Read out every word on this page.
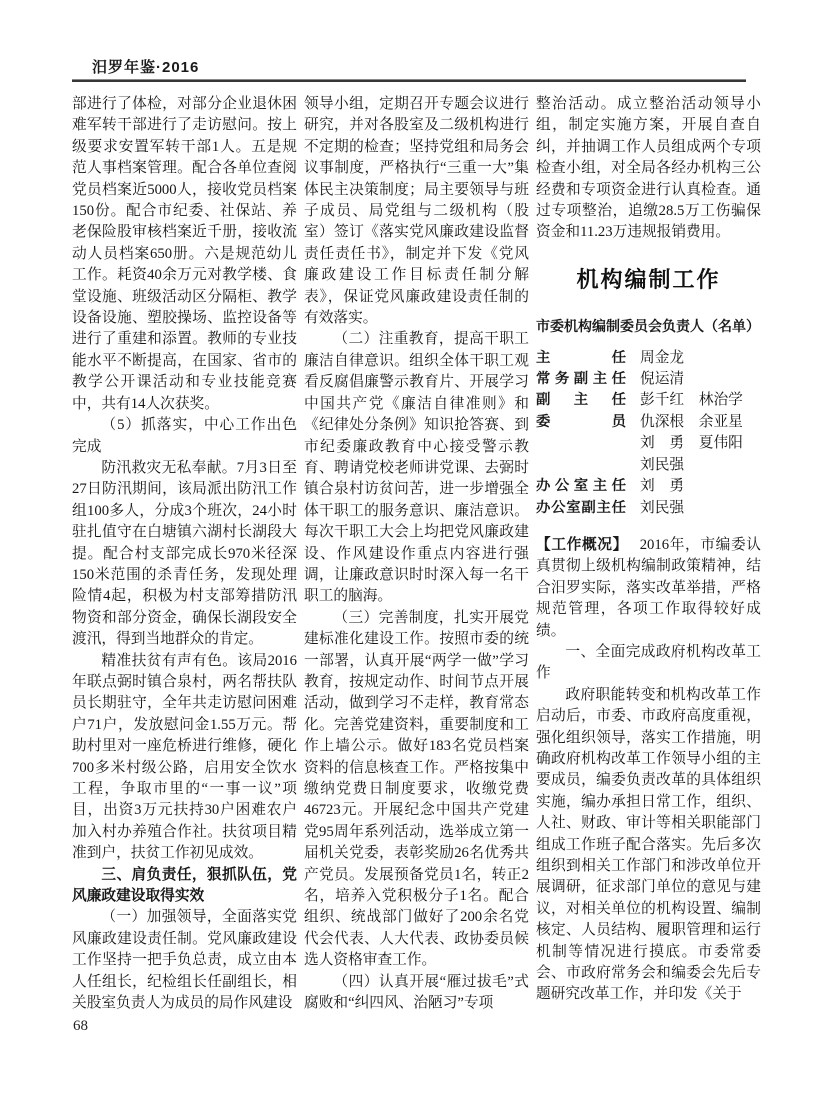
汨罗年鉴·2016

部进行了体检，对部分企业退休困难军转干部进行了走访慰问。按上级要求安置军转干部1人。五是规范人事档案管理。配合各单位查阅党员档案近5000人，接收党员档案150份。配合市纪委、社保站、养老保险股审核档案近千册，接收流动人员档案650册。六是规范幼儿工作。耗资40余万元对教学楼、食堂设施、班级活动区分隔柜、教学设备设施、塑胶操场、监控设备等进行了重建和添置。教师的专业技能水平不断提高，在国家、省市的教学公开课活动和专业技能竞赛中，共有14人次获奖。

（5）抓落实，中心工作出色完成

防汛救灾无私奉献。7月3日至27日防汛期间，该局派出防汛工作组100多人，分成3个班次，24小时驻扎值守在白塘镇六湖村长湖段大提。配合村支部完成长970米径深150米范围的杀青任务，发现处理险情4起，积极为村支部筹措防汛物资和部分资金，确保长湖段安全渡汛，得到当地群众的肯定。

精准扶贫有声有色。该局2016年联点弼时镇合泉村，两名帮扶队员长期驻守，全年共走访慰问困难户71户，发放慰问金1.55万元。帮助村里对一座危桥进行维修，硬化700多米村级公路，启用安全饮水工程，争取市里的“一事一议”项目，出资3万元扶持30户困难农户加入村办养殖合作社。扶贫项目精准到户，扶贫工作初见成效。

三、肩负责任，狠抓队伍，党风廉政建设取得实效

（一）加强领导，全面落实党风廉政建设责任制。党风廉政建设工作坚持一把手负总责，成立由本人任组长，纪检组长任副组长，相关股室负责人为成员的局作风建设

领导小组，定期召开专题会议进行研究，并对各股室及二级机构进行不定期的检查；坚持党组和局务会议事制度，严格执行“三重一大”集体民主决策制度；局主要领导与班子成员、局党组与二级机构（股室）签订《落实党风廉政建设监督责任责任书》，制定并下发《党风廉政建设工作目标责任制分解表》，保证党风廉政建设责任制的有效落实。

（二）注重教育，提高干职工廉洁自律意识。组织全体干职工观看反腐倡廉警示教育片、开展学习中国共产党《廉洁自律准则》和《纪律处分条例》知识抢答赛、到市纪委廉政教育中心接受警示教育、聘请党校老师讲党课、去弼时镇合泉村访贫问苦，进一步增强全体干职工的服务意识、廉洁意识。每次干职工大会上均把党风廉政建设、作风建设作重点内容进行强调，让廉政意识时时深入每一名干职工的脑海。

（三）完善制度，扎实开展党建标准化建设工作。按照市委的统一部署，认真开展“两学一做”学习教育，按规定动作、时间节点开展活动，做到学习不走样，教育常态化。完善党建资料，重要制度和工作上墙公示。做好183名党员档案资料的信息核查工作。严格按集中缴纳党费日制度要求，收缴党费46723元。开展纪念中国共产党建党95周年系列活动，选举成立第一届机关党委，表彰奖励26名优秀共产党员。发展预备党员1名，转正2名，培养入党积极分子1名。配合组织、统战部门做好了200余名党代会代表、人大代表、政协委员候选人资格审查工作。

（四）认真开展“雁过拔毛”式腐败和“纠四风、治陋习”专项

整治活动。成立整治活动领导小组，制定实施方案，开展自查自纠，并抽调工作人员组成两个专项检查小组，对全局各经办机构三公经费和专项资金进行认真检查。通过专项整治，追缴28.5万工伤骗保资金和11.23万违规报销费用。

机构编制工作
市委机构编制委员会负责人（名单）
主任 周金龙
常务副主任 倪运清
副主任 彭千红　林治学
委员 仇深根　余亚星
刘　勇　夏伟阳
刘民强
办公室主任 刘　勇
办公室副主任 刘民强

【工作概况】 2016年，市编委认真贯彻上级机构编制政策精神，结合汨罗实际，落实改革举措，严格规范管理，各项工作取得较好成绩。

一、全面完成政府机构改革工作

政府职能转变和机构改革工作启动后，市委、市政府高度重视，强化组织领导，落实工作措施，明确政府机构改革工作领导小组的主要成员，编委负责改革的具体组织实施，编办承担日常工作，组织、人社、财政、审计等相关职能部门组成工作班子配合落实。先后多次组织到相关工作部门和涉改单位开展调研，征求部门单位的意见与建议，对相关单位的机构设置、编制核定、人员结构、履职管理和运行机制等情况进行摸底。市委常委会、市政府常务会和编委会先后专题研究改革工作，并印发《关于

68
